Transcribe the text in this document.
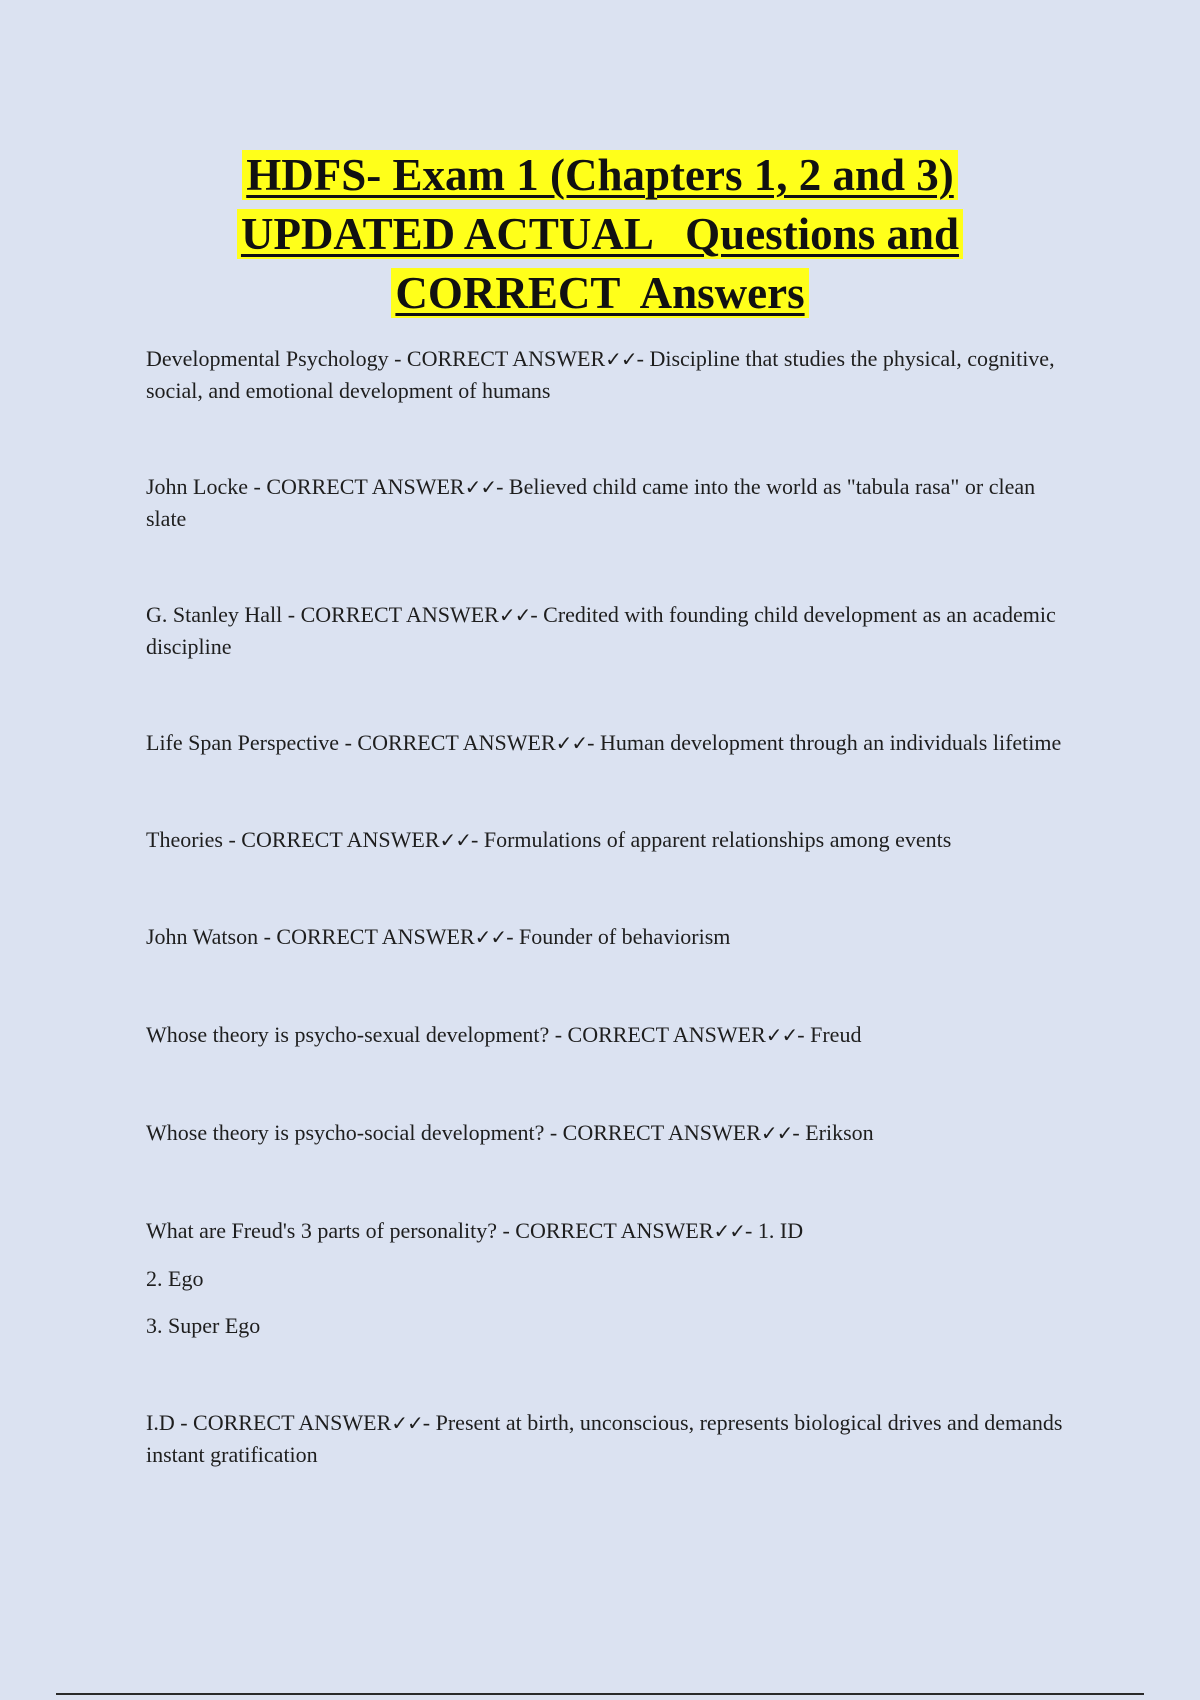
HDFS- Exam 1 (Chapters 1, 2 and 3)
UPDATED ACTUAL   Questions and
CORRECT  Answers

Developmental Psychology - CORRECT ANSWER✓✓- Discipline that studies the physical, cognitive, social, and emotional development of humans

John Locke - CORRECT ANSWER✓✓- Believed child came into the world as "tabula rasa" or clean slate

G. Stanley Hall - CORRECT ANSWER✓✓- Credited with founding child development as an academic discipline

Life Span Perspective - CORRECT ANSWER✓✓- Human development through an individuals lifetime

Theories - CORRECT ANSWER✓✓- Formulations of apparent relationships among events

John Watson - CORRECT ANSWER✓✓- Founder of behaviorism

Whose theory is psycho-sexual development? - CORRECT ANSWER✓✓- Freud

Whose theory is psycho-social development? - CORRECT ANSWER✓✓- Erikson

What are Freud's 3 parts of personality? - CORRECT ANSWER✓✓- 1. ID

2. Ego

3. Super Ego

I.D - CORRECT ANSWER✓✓- Present at birth, unconscious, represents biological drives and demands instant gratification
